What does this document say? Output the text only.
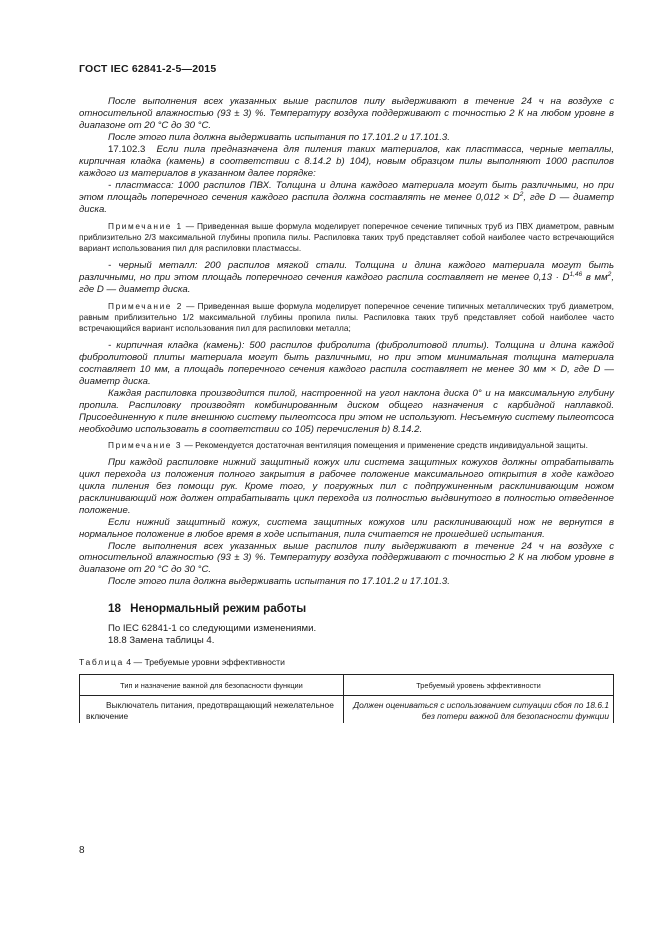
ГОСТ IEC 62841-2-5—2015

После выполнения всех указанных выше распилов пилу выдерживают в течение 24 ч на воздухе с относительной влажностью (93 ± 3) %. Температуру воздуха поддерживают с точностью 2 К на любом уровне в диапазоне от 20 °С до 30 °С.

После этого пила должна выдерживать испытания по 17.101.2 и 17.101.3.

17.102.3 Если пила предназначена для пиления таких материалов, как пластмасса, черные металлы, кирпичная кладка (камень) в соответствии с 8.14.2 b) 104), новым образцом пилы выполняют 1000 распилов каждого из материалов в указанном далее порядке:

- пластмасса: 1000 распилов ПВХ. Толщина и длина каждого материала могут быть различными, но при этом площадь поперечного сечения каждого распила должна составлять не менее $0,012 \times D^2$, где D — диаметр диска.

Примечание 1 — Приведенная выше формула моделирует поперечное сечение типичных труб из ПВХ диаметром, равным приблизительно 2/3 максимальной глубины пропила пилы. Распиловка таких труб представляет собой наиболее часто встречающийся вариант использования пил для распиловки пластмассы.

- черный металл: 200 распилов мягкой стали. Толщина и длина каждого материала могут быть различными, но при этом площадь поперечного сечения каждого распила составляет не менее 0,13 · D$^{1,46}$ в $мм^2$, где D — диаметр диска.

Примечание 2 — Приведенная выше формула моделирует поперечное сечение типичных металлических труб диаметром, равным приблизительно 1/2 максимальной глубины пропила пилы. Распиловка таких труб представляет собой наиболее часто встречающийся вариант использования пил для распиловки металла;

- кирпичная кладка (камень): 500 распилов фибролита (фибролитовой плиты). Толщина и длина каждой фибролитовой плиты материала могут быть различными, но при этом минимальная толщина материала составляет 10 мм, а площадь поперечного сечения каждого распила составляет не менее 30 мм × D, где D — диаметр диска.

Каждая распиловка производится пилой, настроенной на угол наклона диска 0° и на максимальную глубину пропила. Распиловку производят комбинированным диском общего назначения с карбидной наплавкой. Присоединенную к пиле внешнюю систему пылеотсоса при этом не используют. Несъемную систему пылеотсоса необходимо использовать в соответствии со 105) перечисления b) 8.14.2.

Примечание 3 — Рекомендуется достаточная вентиляция помещения и применение средств индивидуальной защиты.

При каждой распиловке нижний защитный кожух или система защитных кожухов должны отрабатывать цикл перехода из положения полного закрытия в рабочее положение максимального открытия в ходе каждого цикла пиления без помощи рук. Кроме того, у погружных пил с подпружиненным расклинивающим ножом расклинивающий нож должен отрабатывать цикл перехода из полностью выдвинутого в полностью отведенное положение.

Если нижний защитный кожух, система защитных кожухов или расклинивающий нож не вернутся в нормальное положение в любое время в ходе испытания, пила считается не прошедшей испытания.

После выполнения всех указанных выше распилов пилу выдерживают в течение 24 ч на воздухе с относительной влажностью (93 ± 3) %. Температуру воздуха поддерживают с точностью 2 К на любом уровне в диапазоне от 20 °С до 30 °С.

После этого пила должна выдерживать испытания по 17.101.2 и 17.101.3.

18 Ненормальный режим работы

По IEC 62841-1 со следующими изменениями.

18.8 Замена таблицы 4.

Таблица 4 — Требуемые уровни эффективности
Тип и назначение важной для безопасности функции	Требуемый уровень эффективности
Выключатель питания, предотвращающий нежелательное включение	Должен оцениваться с использованием ситуации сбоя по 18.6.1 без потери важной для безопасности функции
8
